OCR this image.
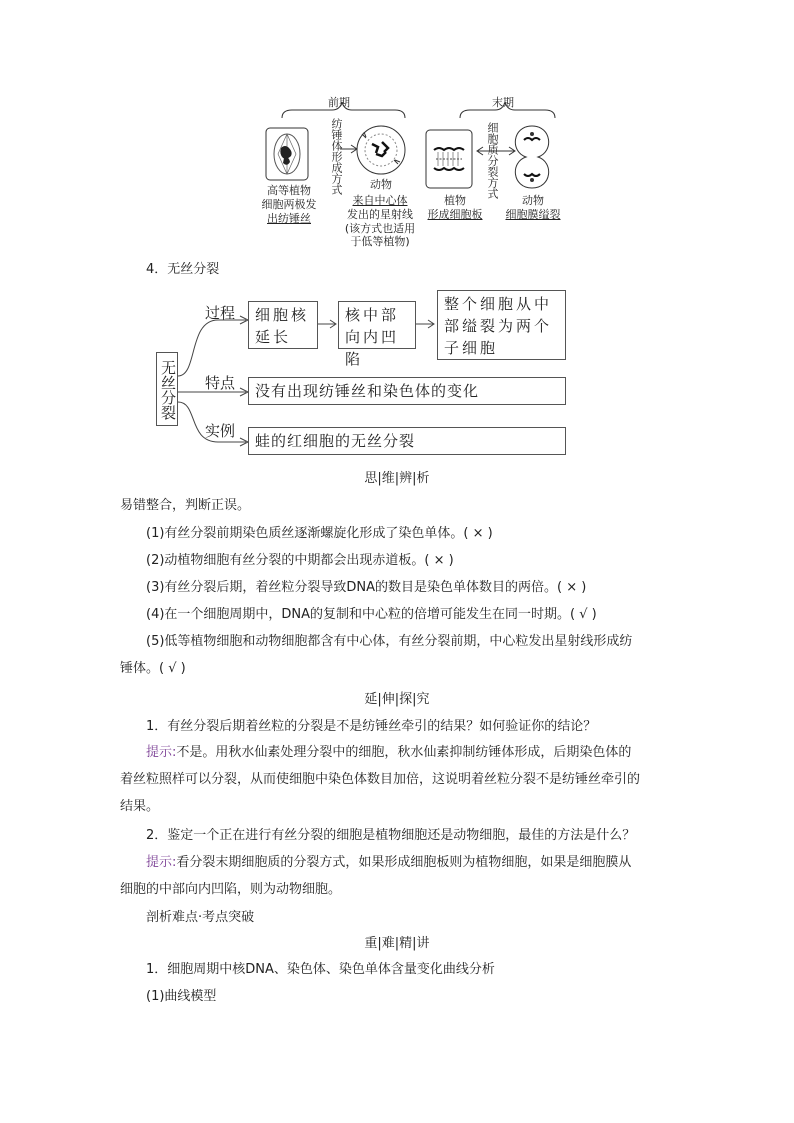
前期	末期
高等植物
细胞两极发
出纺锤丝
纺锤体形成方式 动物
来自中心体
发出的星射线
(该方式也适用
于低等植物)
植物
形成细胞板
细胞质分裂方式
动物
细胞膜缢裂
4．无丝分裂
无丝分裂
过程
特点
实例
细胞核延长
核中部向内凹陷
整个细胞从中部缢裂为两个子细胞
没有出现纺锤丝和染色体的变化
蛙的红细胞的无丝分裂
思|维|辨|析
易错整合，判断正误。
(1)有丝分裂前期染色质丝逐渐螺旋化形成了染色单体。( × )
(2)动植物细胞有丝分裂的中期都会出现赤道板。( × )
(3)有丝分裂后期，着丝粒分裂导致DNA的数目是染色单体数目的两倍。( × )
(4)在一个细胞周期中，DNA的复制和中心粒的倍增可能发生在同一时期。( √ )
(5)低等植物细胞和动物细胞都含有中心体，有丝分裂前期，中心粒发出星射线形成纺
锤体。( √ )
延|伸|探|究
1．有丝分裂后期着丝粒的分裂是不是纺锤丝牵引的结果？如何验证你的结论？
提示:不是。用秋水仙素处理分裂中的细胞，秋水仙素抑制纺锤体形成，后期染色体的
着丝粒照样可以分裂，从而使细胞中染色体数目加倍，这说明着丝粒分裂不是纺锤丝牵引的
结果。
2．鉴定一个正在进行有丝分裂的细胞是植物细胞还是动物细胞，最佳的方法是什么？
提示:看分裂末期细胞质的分裂方式，如果形成细胞板则为植物细胞，如果是细胞膜从
细胞的中部向内凹陷，则为动物细胞。
剖析难点·考点突破
重|难|精|讲
1．细胞周期中核DNA、染色体、染色单体含量变化曲线分析
(1)曲线模型
